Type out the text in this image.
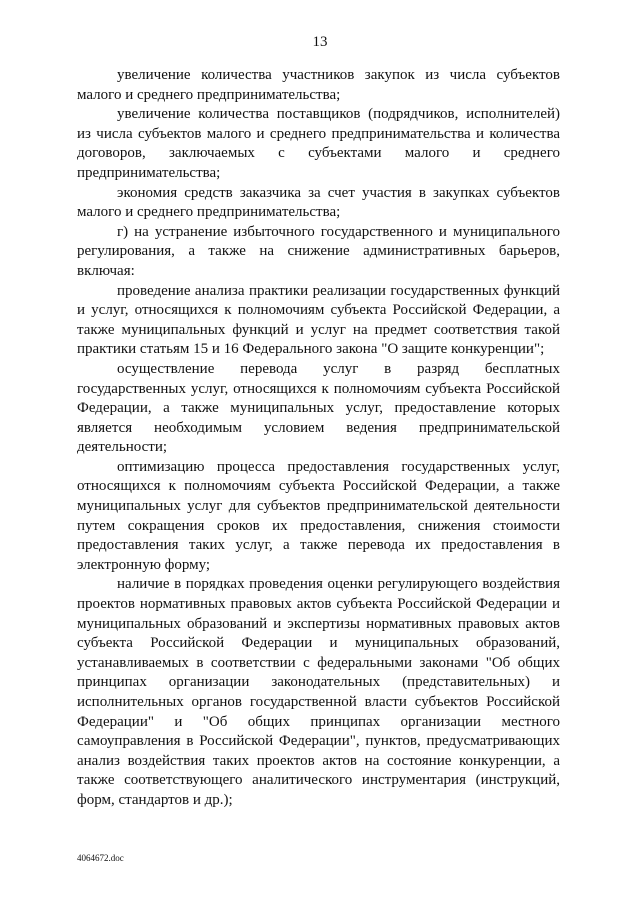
13

увеличение количества участников закупок из числа субъектов малого и среднего предпринимательства;

увеличение количества поставщиков (подрядчиков, исполнителей) из числа субъектов малого и среднего предпринимательства и количества договоров, заключаемых с субъектами малого и среднего предпринимательства;

экономия средств заказчика за счет участия в закупках субъектов малого и среднего предпринимательства;

г) на устранение избыточного государственного и муниципального регулирования, а также на снижение административных барьеров, включая:

проведение анализа практики реализации государственных функций и услуг, относящихся к полномочиям субъекта Российской Федерации, а также муниципальных функций и услуг на предмет соответствия такой практики статьям 15 и 16 Федерального закона "О защите конкуренции";

осуществление перевода услуг в разряд бесплатных государственных услуг, относящихся к полномочиям субъекта Российской Федерации, а также муниципальных услуг, предоставление которых является необходимым условием ведения предпринимательской деятельности;

оптимизацию процесса предоставления государственных услуг, относящихся к полномочиям субъекта Российской Федерации, а также муниципальных услуг для субъектов предпринимательской деятельности путем сокращения сроков их предоставления, снижения стоимости предоставления таких услуг, а также перевода их предоставления в электронную форму;

наличие в порядках проведения оценки регулирующего воздействия проектов нормативных правовых актов субъекта Российской Федерации и муниципальных образований и экспертизы нормативных правовых актов субъекта Российской Федерации и муниципальных образований, устанавливаемых в соответствии с федеральными законами "Об общих принципах организации законодательных (представительных) и исполнительных органов государственной власти субъектов Российской Федерации" и "Об общих принципах организации местного самоуправления в Российской Федерации", пунктов, предусматривающих анализ воздействия таких проектов актов на состояние конкуренции, а также соответствующего аналитического инструментария (инструкций, форм, стандартов и др.);

4064672.doc
